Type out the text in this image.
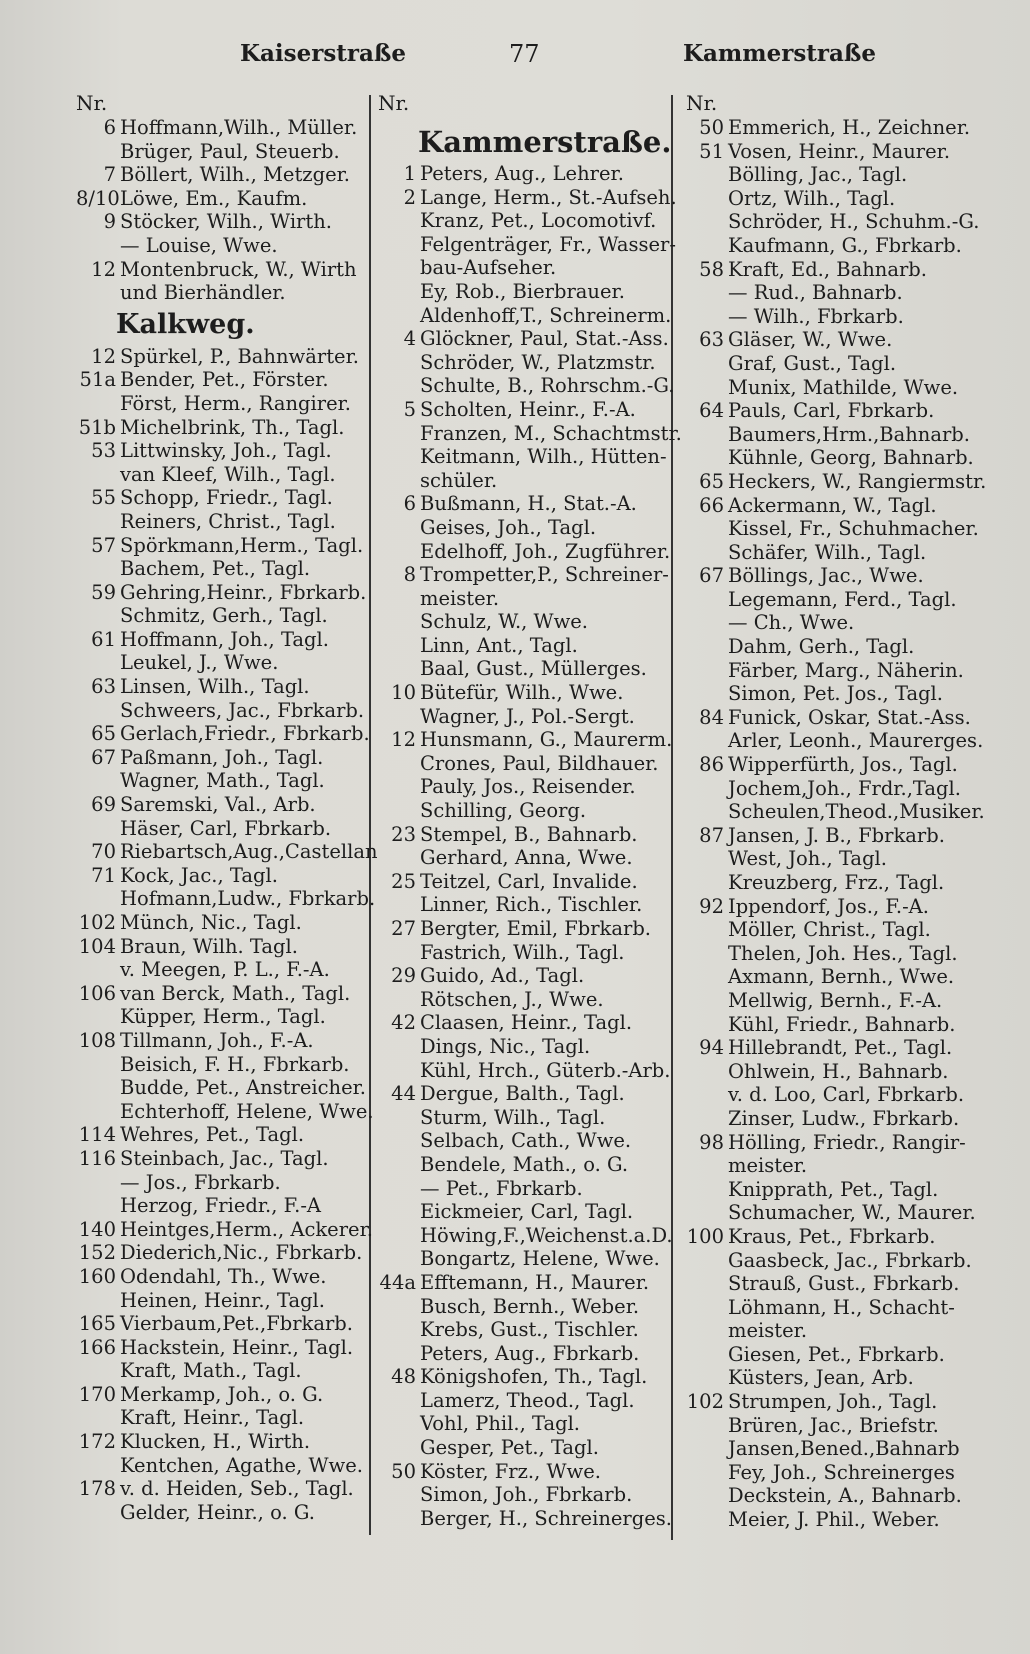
Kaiserstraße	77	Kammerstraße
Nr.
6 Hoffmann,Wilh., Müller.
Brüger, Paul, Steuerb.
7 Böllert, Wilh., Metzger.
8/10 Löwe, Em., Kaufm.
9 Stöcker, Wilh., Wirth.
— Louise, Wwe.
12 Montenbruck, W., Wirth
und Bierhändler.
Kalkweg.
12 Spürkel, P., Bahnwärter.
51a Bender, Pet., Förster.
Först, Herm., Rangirer.
51b Michelbrink, Th., Tagl.
53 Littwinsky, Joh., Tagl.
van Kleef, Wilh., Tagl.
55 Schopp, Friedr., Tagl.
Reiners, Christ., Tagl.
57 Spörkmann,Herm., Tagl.
Bachem, Pet., Tagl.
59 Gehring,Heinr., Fbrkarb.
Schmitz, Gerh., Tagl.
61 Hoffmann, Joh., Tagl.
Leukel, J., Wwe.
63 Linsen, Wilh., Tagl.
Schweers, Jac., Fbrkarb.
65 Gerlach,Friedr., Fbrkarb.
67 Paßmann, Joh., Tagl.
Wagner, Math., Tagl.
69 Saremski, Val., Arb.
Häser, Carl, Fbrkarb.
70 Riebartsch,Aug.,Castellan
71 Kock, Jac., Tagl.
Hofmann,Ludw., Fbrkarb.
102 Münch, Nic., Tagl.
104 Braun, Wilh. Tagl.
v. Meegen, P. L., F.-A.
106 van Berck, Math., Tagl.
Küpper, Herm., Tagl.
108 Tillmann, Joh., F.-A.
Beisich, F. H., Fbrkarb.
Budde, Pet., Anstreicher.
Echterhoff, Helene, Wwe.
114 Wehres, Pet., Tagl.
116 Steinbach, Jac., Tagl.
— Jos., Fbrkarb.
Herzog, Friedr., F.-A
140 Heintges,Herm., Ackerer.
152 Diederich,Nic., Fbrkarb.
160 Odendahl, Th., Wwe.
Heinen, Heinr., Tagl.
165 Vierbaum,Pet.,Fbrkarb.
166 Hackstein, Heinr., Tagl.
Kraft, Math., Tagl.
170 Merkamp, Joh., o. G.
Kraft, Heinr., Tagl.
172 Klucken, H., Wirth.
Kentchen, Agathe, Wwe.
178 v. d. Heiden, Seb., Tagl.
Gelder, Heinr., o. G.
Nr.
Kammerstraße.
1 Peters, Aug., Lehrer.
2 Lange, Herm., St.-Aufseh.
Kranz, Pet., Locomotivf.
Felgenträger, Fr., Wasser-
bau-Aufseher.
Ey, Rob., Bierbrauer.
Aldenhoff,T., Schreinerm.
4 Glöckner, Paul, Stat.-Ass.
Schröder, W., Platzmstr.
Schulte, B., Rohrschm.-G.
5 Scholten, Heinr., F.-A.
Franzen, M., Schachtmstr.
Keitmann, Wilh., Hütten-
schüler.
6 Bußmann, H., Stat.-A.
Geises, Joh., Tagl.
Edelhoff, Joh., Zugführer.
8 Trompetter,P., Schreiner-
meister.
Schulz, W., Wwe.
Linn, Ant., Tagl.
Baal, Gust., Müllerges.
10 Bütefür, Wilh., Wwe.
Wagner, J., Pol.-Sergt.
12 Hunsmann, G., Maurerm.
Crones, Paul, Bildhauer.
Pauly, Jos., Reisender.
Schilling, Georg.
23 Stempel, B., Bahnarb.
Gerhard, Anna, Wwe.
25 Teitzel, Carl, Invalide.
Linner, Rich., Tischler.
27 Bergter, Emil, Fbrkarb.
Fastrich, Wilh., Tagl.
29 Guido, Ad., Tagl.
Rötschen, J., Wwe.
42 Claasen, Heinr., Tagl.
Dings, Nic., Tagl.
Kühl, Hrch., Güterb.-Arb.
44 Dergue, Balth., Tagl.
Sturm, Wilh., Tagl.
Selbach, Cath., Wwe.
Bendele, Math., o. G.
— Pet., Fbrkarb.
Eickmeier, Carl, Tagl.
Höwing,F.,Weichenst.a.D.
Bongartz, Helene, Wwe.
44a Efftemann, H., Maurer.
Busch, Bernh., Weber.
Krebs, Gust., Tischler.
Peters, Aug., Fbrkarb.
48 Königshofen, Th., Tagl.
Lamerz, Theod., Tagl.
Vohl, Phil., Tagl.
Gesper, Pet., Tagl.
50 Köster, Frz., Wwe.
Simon, Joh., Fbrkarb.
Berger, H., Schreinerges.
Nr.
50 Emmerich, H., Zeichner.
51 Vosen, Heinr., Maurer.
Bölling, Jac., Tagl.
Ortz, Wilh., Tagl.
Schröder, H., Schuhm.-G.
Kaufmann, G., Fbrkarb.
58 Kraft, Ed., Bahnarb.
— Rud., Bahnarb.
— Wilh., Fbrkarb.
63 Gläser, W., Wwe.
Graf, Gust., Tagl.
Munix, Mathilde, Wwe.
64 Pauls, Carl, Fbrkarb.
Baumers,Hrm.,Bahnarb.
Kühnle, Georg, Bahnarb.
65 Heckers, W., Rangiermstr.
66 Ackermann, W., Tagl.
Kissel, Fr., Schuhmacher.
Schäfer, Wilh., Tagl.
67 Böllings, Jac., Wwe.
Legemann, Ferd., Tagl.
— Ch., Wwe.
Dahm, Gerh., Tagl.
Färber, Marg., Näherin.
Simon, Pet. Jos., Tagl.
84 Funick, Oskar, Stat.-Ass.
Arler, Leonh., Maurerges.
86 Wipperfürth, Jos., Tagl.
Jochem,Joh., Frdr.,Tagl.
Scheulen,Theod.,Musiker.
87 Jansen, J. B., Fbrkarb.
West, Joh., Tagl.
Kreuzberg, Frz., Tagl.
92 Ippendorf, Jos., F.-A.
Möller, Christ., Tagl.
Thelen, Joh. Hes., Tagl.
Axmann, Bernh., Wwe.
Mellwig, Bernh., F.-A.
Kühl, Friedr., Bahnarb.
94 Hillebrandt, Pet., Tagl.
Ohlwein, H., Bahnarb.
v. d. Loo, Carl, Fbrkarb.
Zinser, Ludw., Fbrkarb.
98 Hölling, Friedr., Rangir-
meister.
Knipprath, Pet., Tagl.
Schumacher, W., Maurer.
100 Kraus, Pet., Fbrkarb.
Gaasbeck, Jac., Fbrkarb.
Strauß, Gust., Fbrkarb.
Löhmann, H., Schacht-
meister.
Giesen, Pet., Fbrkarb.
Küsters, Jean, Arb.
102 Strumpen, Joh., Tagl.
Brüren, Jac., Briefstr.
Jansen,Bened.,Bahnarb
Fey, Joh., Schreinerges
Deckstein, A., Bahnarb.
Meier, J. Phil., Weber.
